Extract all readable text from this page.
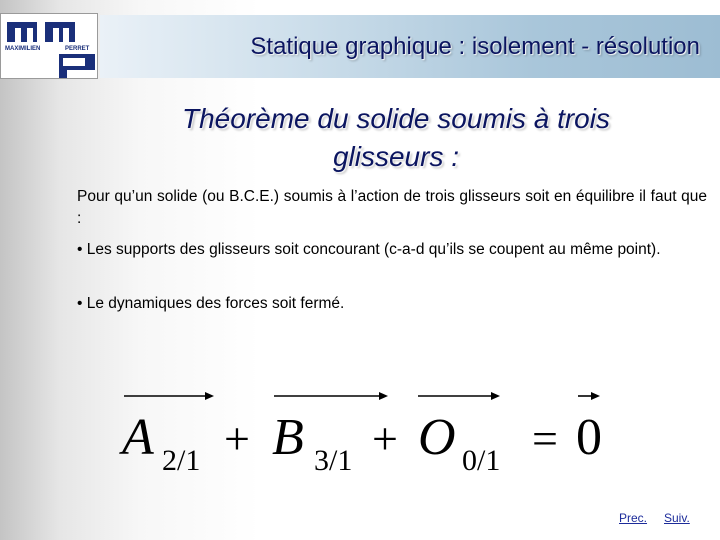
MAXIMILIEN	PERRET	Statique graphique : isolement - résolution
Théorème du solide soumis à trois
glisseurs :
Pour qu’un solide (ou B.C.E.) soumis à l’action de trois glisseurs soit en équilibre il faut que :
• Les supports des glisseurs soit concourant (c-a-d qu’ils se coupent au même point).
• Le dynamiques des forces soit fermé.
A 2/1 + B 3/1 + O 0/1 = 0
Prec. Suiv.
